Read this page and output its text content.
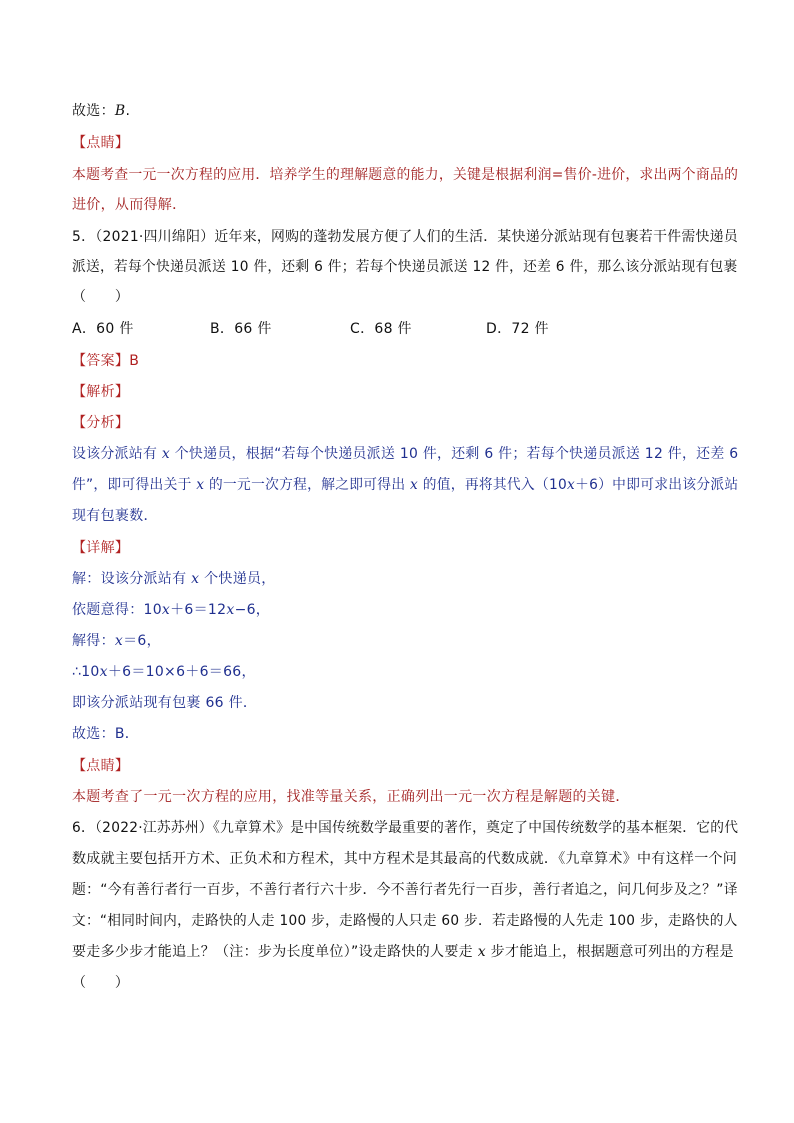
故选：B.
【点睛】
本题考查一元一次方程的应用．培养学生的理解题意的能力，关键是根据利润=售价-进价，求出两个商品的
进价，从而得解．
5．（2021·四川绵阳）近年来，网购的蓬勃发展方便了人们的生活．某快递分派站现有包裹若干件需快递员
派送，若每个快递员派送 10 件，还剩 6 件；若每个快递员派送 12 件，还差 6 件，那么该分派站现有包裹
（　　）
A．60 件	B．66 件	C．68 件	D．72 件
【答案】B
【解析】
【分析】
设该分派站有 x 个快递员，根据“若每个快递员派送 10 件，还剩 6 件；若每个快递员派送 12 件，还差 6
件”，即可得出关于 x 的一元一次方程，解之即可得出 x 的值，再将其代入（10x＋6）中即可求出该分派站
现有包裹数．
【详解】
解：设该分派站有 x 个快递员，
依题意得：10x＋6＝12x−6，
解得：x＝6，
∴10x＋6＝10×6＋6＝66，
即该分派站现有包裹 66 件．
故选：B．
【点睛】
本题考查了一元一次方程的应用，找准等量关系，正确列出一元一次方程是解题的关键．
6．（2022·江苏苏州）《九章算术》是中国传统数学最重要的著作，奠定了中国传统数学的基本框架．它的代
数成就主要包括开方术、正负术和方程术，其中方程术是其最高的代数成就．《九章算术》中有这样一个问
题：“今有善行者行一百步，不善行者行六十步．今不善行者先行一百步，善行者追之，问几何步及之？”译
文：“相同时间内，走路快的人走 100 步，走路慢的人只走 60 步．若走路慢的人先走 100 步，走路快的人
要走多少步才能追上？（注：步为长度单位）”设走路快的人要走 x 步才能追上，根据题意可列出的方程是
（　　）
